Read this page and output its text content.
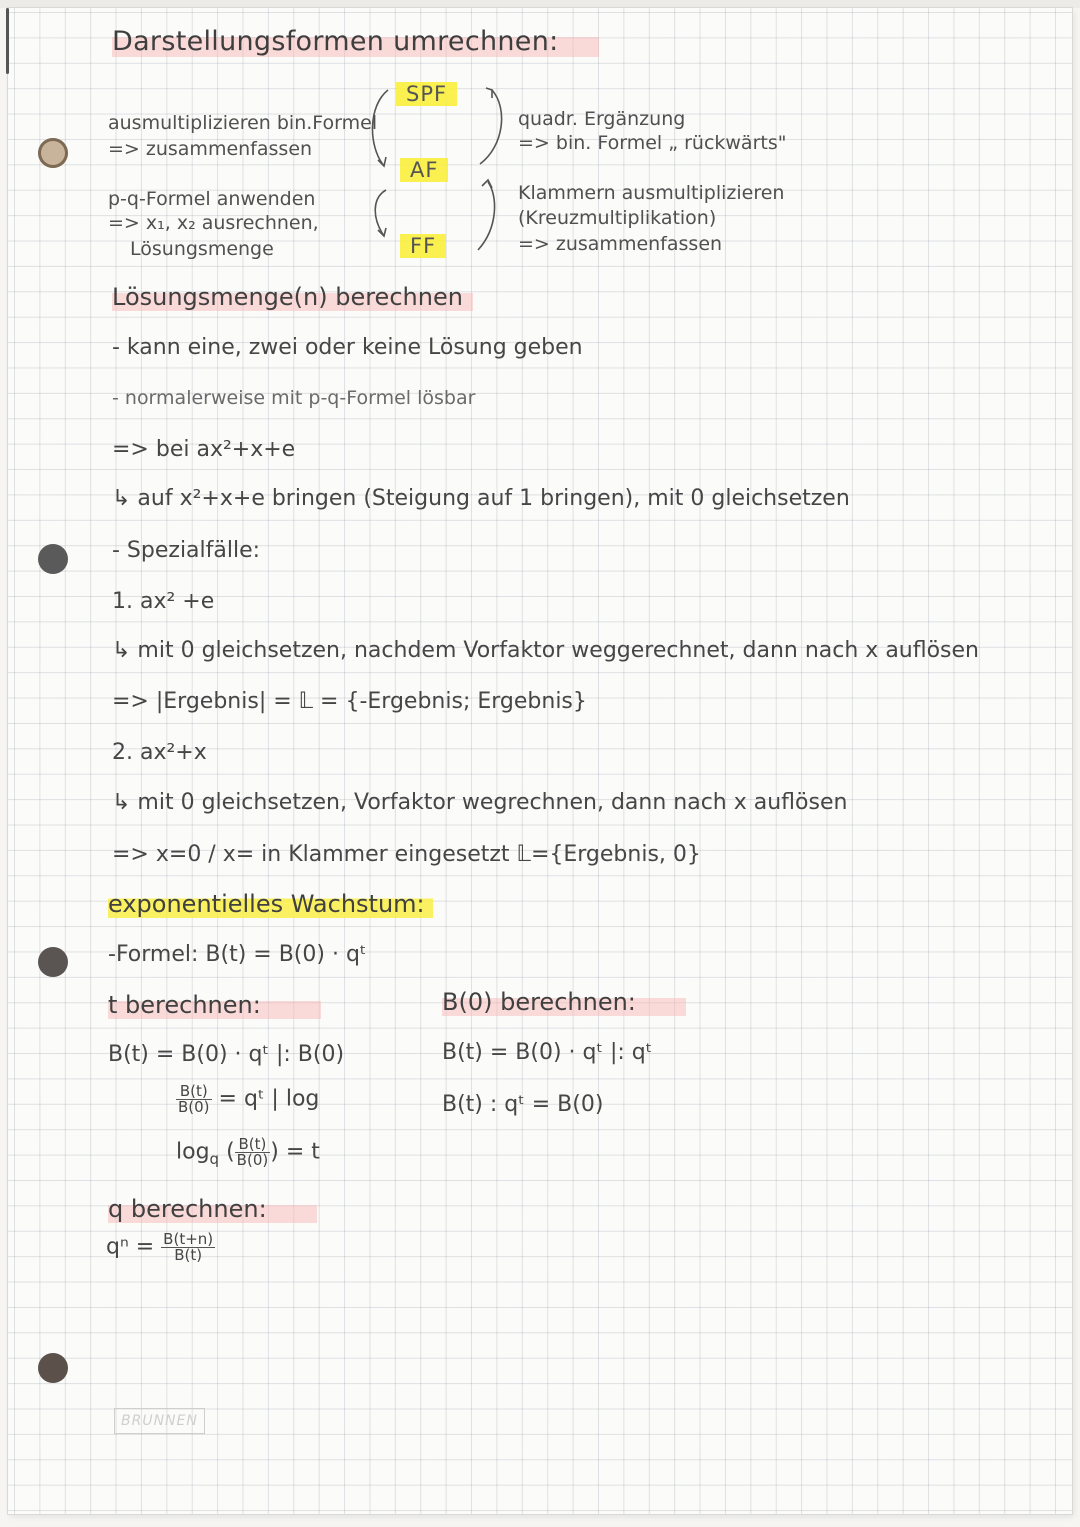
Darstellungsformen umrechnen:
SPF
AF
FF
ausmultiplizieren bin.Formel
=> zusammenfassen
p-q-Formel anwenden
=> x₁, x₂ ausrechnen,
Lösungsmenge
quadr. Ergänzung
=> bin. Formel „ rückwärts"
Klammern ausmultiplizieren
(Kreuzmultiplikation)
=> zusammenfassen
Lösungsmenge(n) berechnen
- kann eine, zwei oder keine Lösung geben
- normalerweise mit p-q-Formel lösbar
=> bei ax²+x+e
↳ auf x²+x+e bringen (Steigung auf 1 bringen), mit 0 gleichsetzen
- Spezialfälle:
1. ax² +e
↳ mit 0 gleichsetzen, nachdem Vorfaktor weggerechnet, dann nach x auflösen
=> |Ergebnis| = 𝕃 = {-Ergebnis; Ergebnis}
2. ax²+x
↳ mit 0 gleichsetzen, Vorfaktor wegrechnen, dann nach x auflösen
=> x=0 / x= in Klammer eingesetzt 𝕃={Ergebnis, 0}
exponentielles Wachstum:
-Formel: B(t) = B(0) · qᵗ
t berechnen:
B(t) = B(0) · qᵗ |: B(0)
$\frac{B(t)}{B(0)}$ = qᵗ | log
$\log_q$ ( $\frac{B(t)}{B(0)}$ ) = t
B(0) berechnen:
B(t) = B(0) · qᵗ |: qᵗ
B(t) : qᵗ = B(0)
q berechnen:
$q^n = \frac{B(t+n)}{B(t)}$
BRUNNEN
